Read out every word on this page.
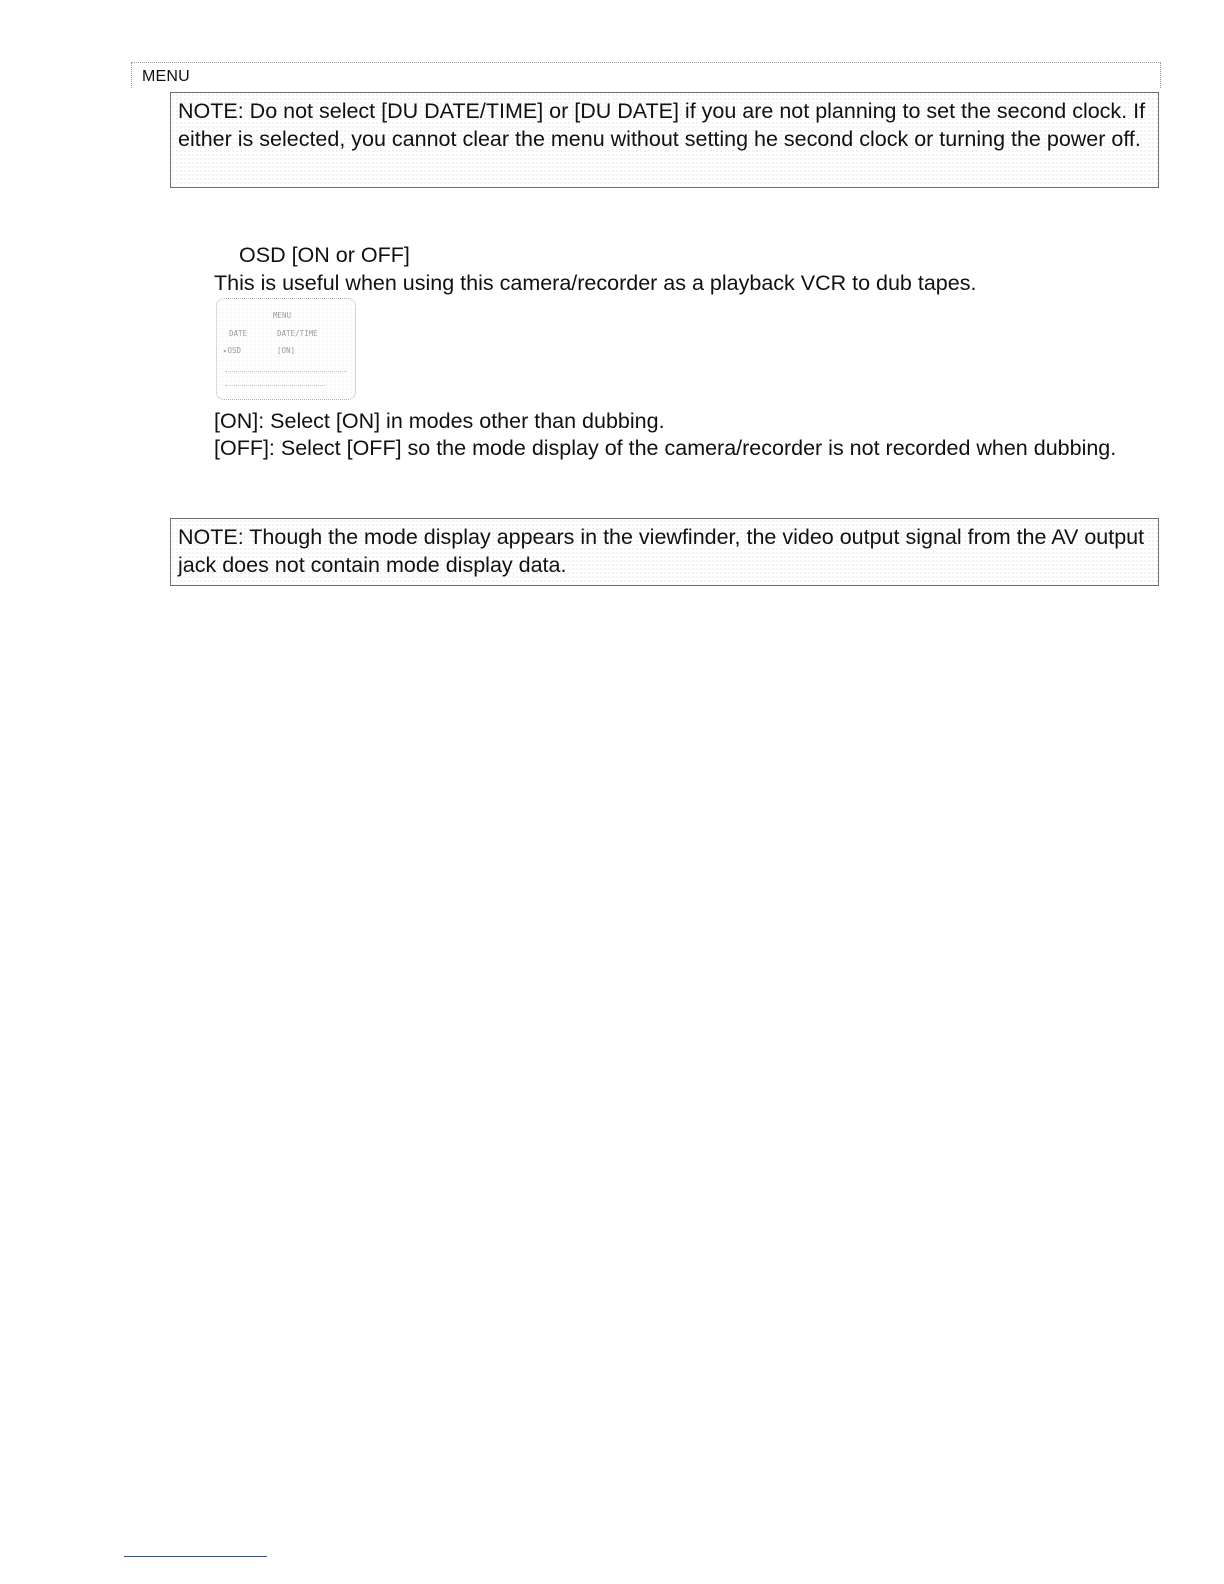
MENU
NOTE: Do not select [DU DATE/TIME] or [DU DATE] if you are not planning to set the second clock. If either is selected, you cannot clear the menu without setting he second clock or turning the power off.
OSD [ON or OFF]
This is useful when using this camera/recorder as a playback VCR to dub tapes.
MENU
DATE	DATE/TIME
▸OSD	[ON]

[ON]: Select [ON] in modes other than dubbing.

[OFF]: Select [OFF] so the mode display of the camera/recorder is not recorded when dubbing.

NOTE: Though the mode display appears in the viewfinder, the video output signal from the AV output jack does not contain mode display data.
